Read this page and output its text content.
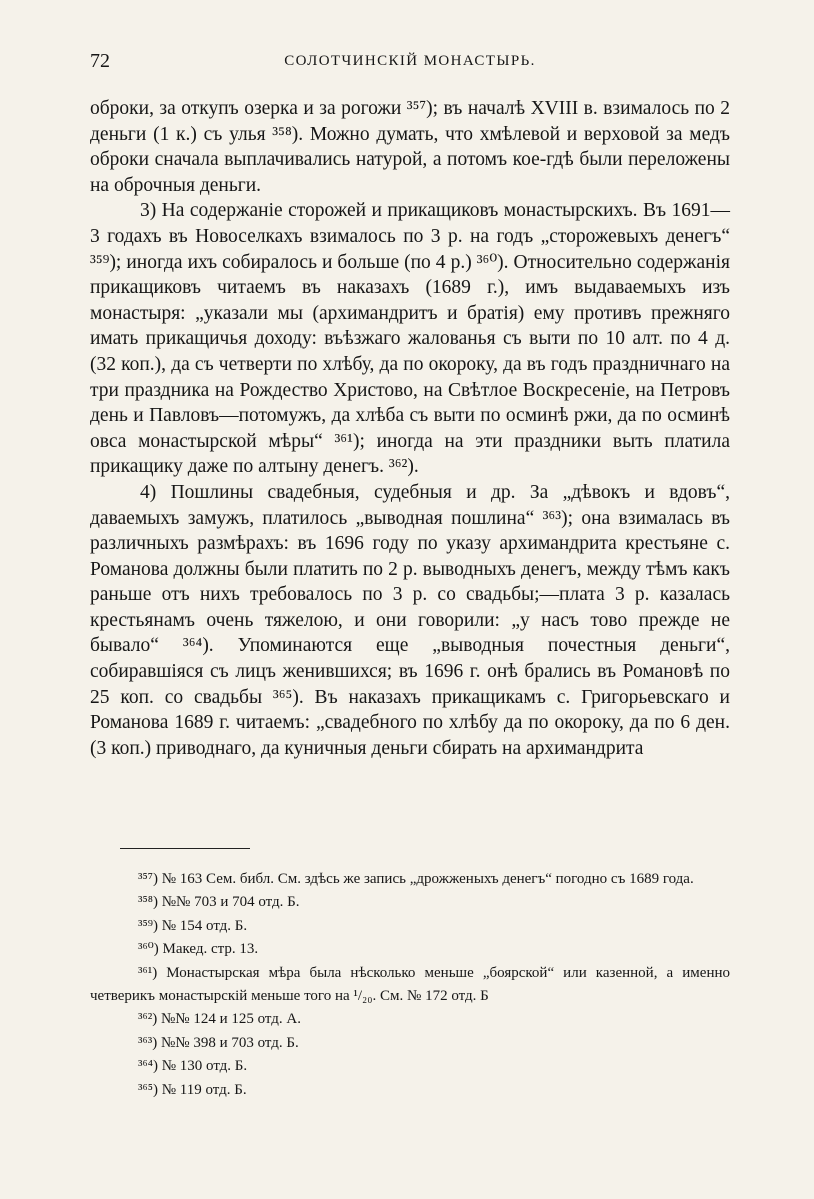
72	СОЛОТЧИНСКІЙ МОНАСТЫРЬ.

оброки, за откупъ озерка и за рогожи ³⁵⁷); въ началѣ XVIII в. взималось по 2 деньги (1 к.) съ улья ³⁵⁸). Можно думать, что хмѣлевой и верховой за медъ оброки сначала выплачивались натурой, а потомъ кое-гдѣ были переложены на оброчныя деньги.

3) На содержаніе сторожей и прикащиковъ монастырскихъ. Въ 1691—3 годахъ въ Новоселкахъ взималось по 3 р. на годъ „сторожевыхъ денегъ“ ³⁵⁹); иногда ихъ собиралось и больше (по 4 р.) ³⁶⁰). Относительно содержанія прикащиковъ читаемъ въ наказахъ (1689 г.), имъ выдаваемыхъ изъ монастыря: „указали мы (архимандритъ и братія) ему противъ прежняго имать прикащичья доходу: въѣзжаго жалованья съ выти по 10 алт. по 4 д. (32 коп.), да съ четверти по хлѣбу, да по окороку, да въ годъ праздничнаго на три праздника на Рождество Христово, на Свѣтлое Воскресеніе, на Петровъ день и Павловъ—потомужъ, да хлѣба съ выти по осминѣ ржи, да по осминѣ овса монастырской мѣры“ ³⁶¹); иногда на эти праздники выть платила прикащику даже по алтыну денегъ. ³⁶²).

4) Пошлины свадебныя, судебныя и др. За „дѣвокъ и вдовъ“, даваемыхъ замужъ, платилось „выводная пошлина“ ³⁶³); она взималась въ различныхъ размѣрахъ: въ 1696 году по указу архимандрита крестьяне с. Романова должны были платить по 2 р. выводныхъ денегъ, между тѣмъ какъ раньше отъ нихъ требовалось по 3 р. со свадьбы;—плата 3 р. казалась крестьянамъ очень тяжелою, и они говорили: „у насъ тово прежде не бывало“ ³⁶⁴). Упоминаются еще „выводныя почестныя деньги“, собиравшіяся съ лицъ женившихся; въ 1696 г. онѣ брались въ Романовѣ по 25 коп. со свадьбы ³⁶⁵). Въ наказахъ прикащикамъ с. Григорьевскаго и Романова 1689 г. читаемъ: „свадебного по хлѣбу да по окороку, да по 6 ден. (3 коп.) приводнаго, да куничныя деньги сбирать на архимандрита

³⁵⁷) № 163 Сем. библ. См. здѣсь же запись „дрожженыхъ денегъ“ погодно съ 1689 года.

³⁵⁸) №№ 703 и 704 отд. Б.

³⁵⁹) № 154 отд. Б.

³⁶⁰) Макед. стр. 13.

³⁶¹) Монастырская мѣра была нѣсколько меньше „боярской“ или казенной, а именно четверикъ монастырскій меньше того на ¹/₂₀. См. № 172 отд. Б

³⁶²) №№ 124 и 125 отд. А.

³⁶³) №№ 398 и 703 отд. Б.

³⁶⁴) № 130 отд. Б.

³⁶⁵) № 119 отд. Б.
